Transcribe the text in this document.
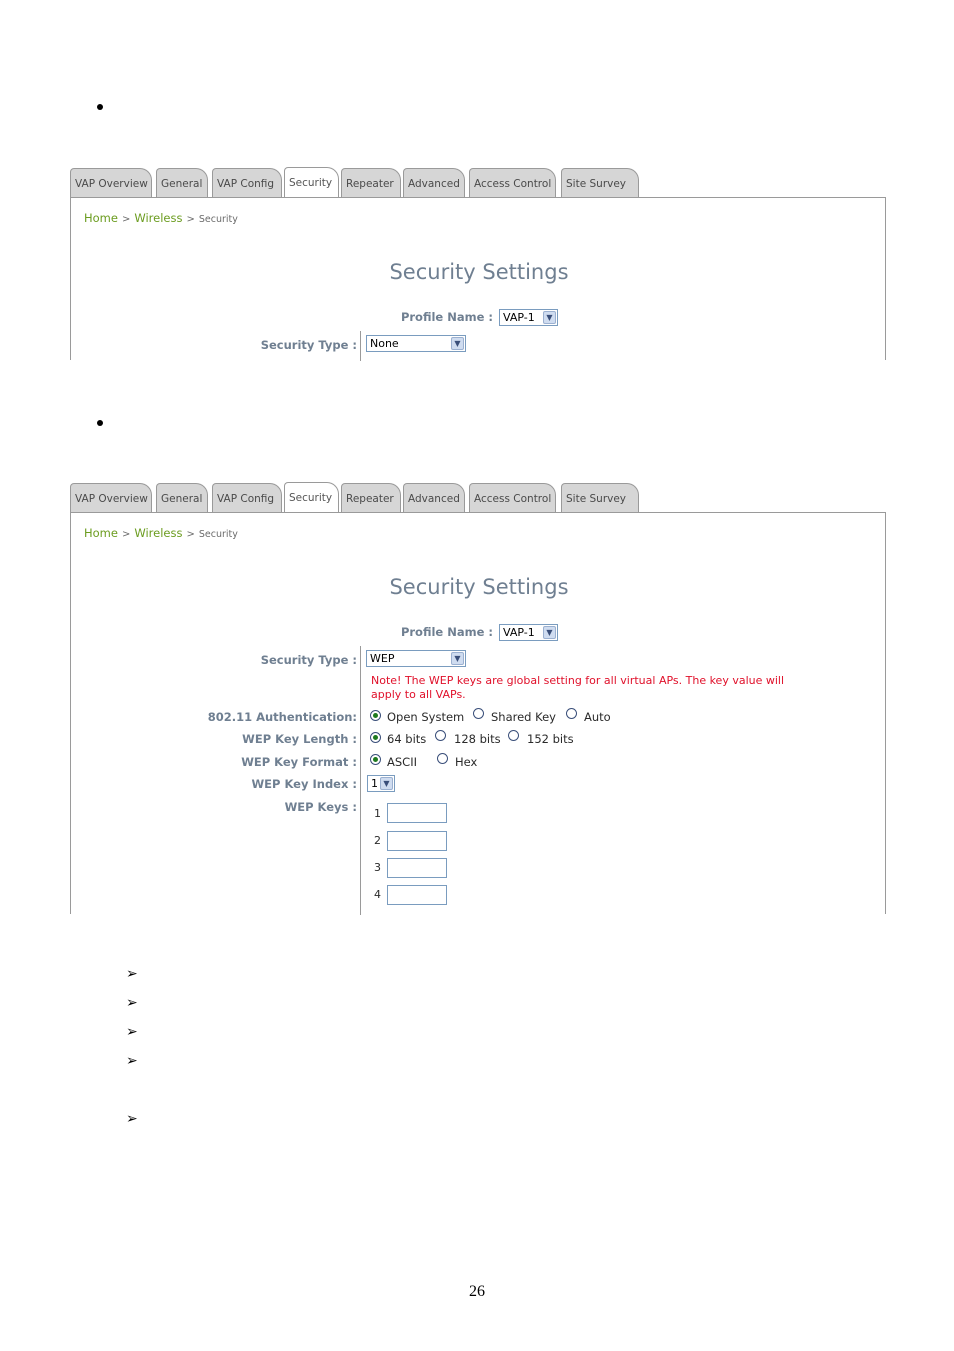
VAP Overview	General	VAP Config	Security	Repeater	Advanced	Access Control	Site Survey
Home > Wireless > Security
Security Settings
Profile Name : VAP-1	▼
Security Type :	None	▼
VAP Overview	General	VAP Config	Security	Repeater	Advanced	Access Control	Site Survey
Home > Wireless > Security
Security Settings
Profile Name : VAP-1	▼
Security Type :	WEP	▼
Note! The WEP keys are global setting for all virtual APs. The key value will
apply to all VAPs.
802.11 Authentication:	Open System Shared Key Auto
WEP Key Length :	64 bits 128 bits 152 bits
WEP Key Format :	ASCII	Hex
WEP Key Index :	1 ▼
WEP Keys : 1
2
3
4
➢
➢
➢
➢
➢
26
